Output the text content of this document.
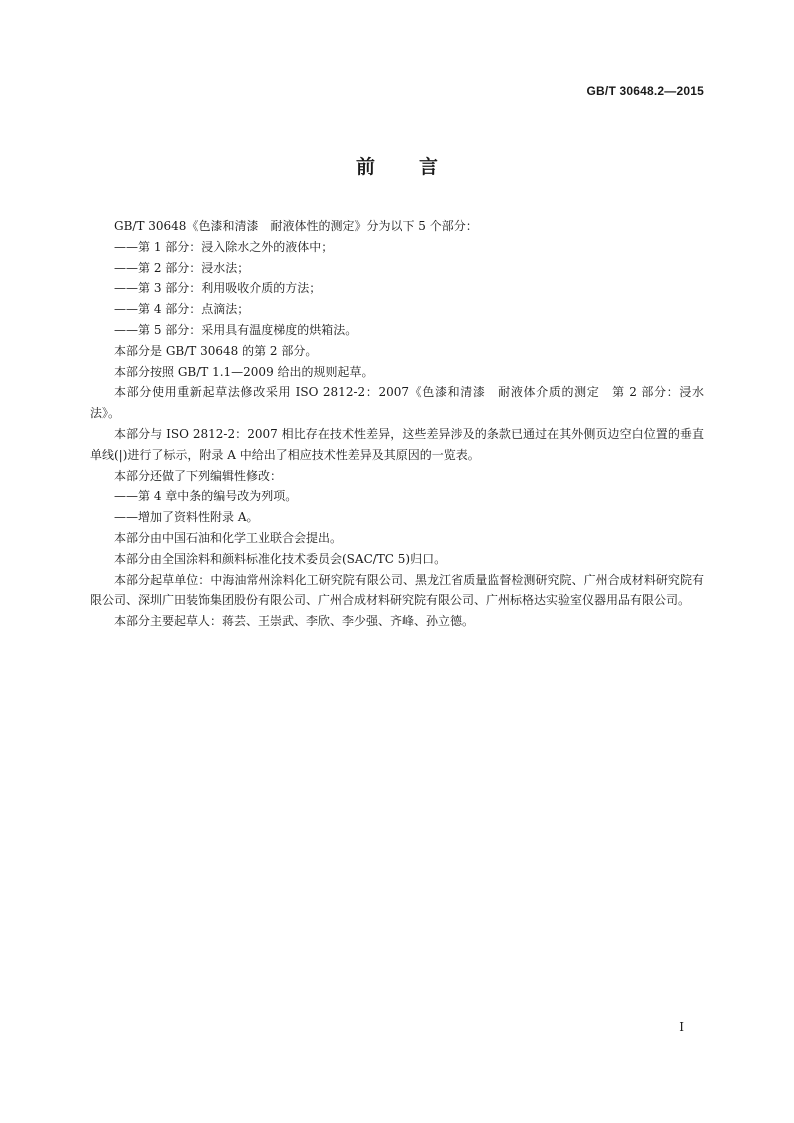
GB/T 30648.2—2015
前言

GB/T 30648《色漆和清漆　耐液体性的测定》分为以下 5 个部分：

——第 1 部分：浸入除水之外的液体中；

——第 2 部分：浸水法；

——第 3 部分：利用吸收介质的方法；

——第 4 部分：点滴法；

——第 5 部分：采用具有温度梯度的烘箱法。

本部分是 GB/T 30648 的第 2 部分。

本部分按照 GB/T 1.1—2009 给出的规则起草。

本部分使用重新起草法修改采用 ISO 2812-2：2007《色漆和清漆　耐液体介质的测定　第 2 部分：浸水法》。

本部分与 ISO 2812-2：2007 相比存在技术性差异，这些差异涉及的条款已通过在其外侧页边空白位置的垂直单线(|)进行了标示，附录 A 中给出了相应技术性差异及其原因的一览表。

本部分还做了下列编辑性修改：

——第 4 章中条的编号改为列项。

——增加了资料性附录 A。

本部分由中国石油和化学工业联合会提出。

本部分由全国涂料和颜料标准化技术委员会(SAC/TC 5)归口。

本部分起草单位：中海油常州涂料化工研究院有限公司、黑龙江省质量监督检测研究院、广州合成材料研究院有限公司、深圳广田装饰集团股份有限公司、广州合成材料研究院有限公司、广州标格达实验室仪器用品有限公司。

本部分主要起草人：蒋芸、王崇武、李欣、李少强、齐峰、孙立德。

I
